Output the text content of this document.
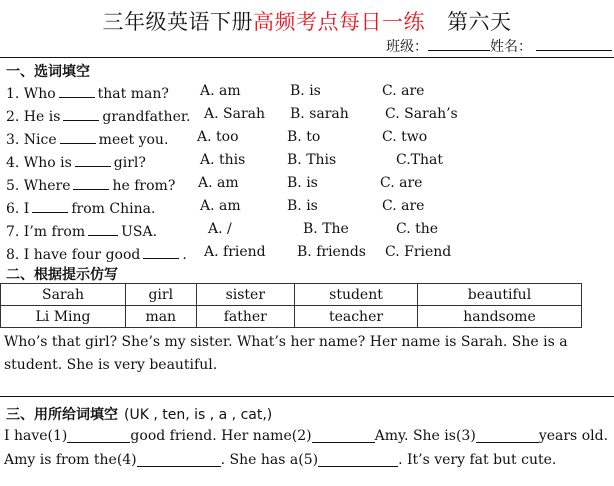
三年级英语下册高频考点每日一练 第六天
班级：	姓名：
一、选词填空
1. Who	that man? A. am	B. is	C. are
2. He is	grandfather. A. Sarah B. sarah	C. Sarah’s
3. Nice	meet you. A. too	B. to	C. two
4. Who is	girl?	A. this	B. This	C.That
5. Where	he from? A. am	B. is	C. are
6. I	from China.	A. am	B. is	C. are
7. I’m from	USA.	A. /	B. The	C. the
8. I have four good	. A. friend B. friends C. Friend
二、根据提示仿写
Sarah	girl	sister	student	beautiful
Li Ming	man	father	teacher	handsome
Who’s that girl? She’s my sister. What’s her name? Her name is Sarah. She is a student. She is very beautiful.
三、用所给词填空 (UK , ten, is , a , cat,)
I have(1)	good friend. Her name(2)	Amy. She is(3)	years old.
Amy is from the(4)	. She has a(5)	. It’s very fat but cute.
